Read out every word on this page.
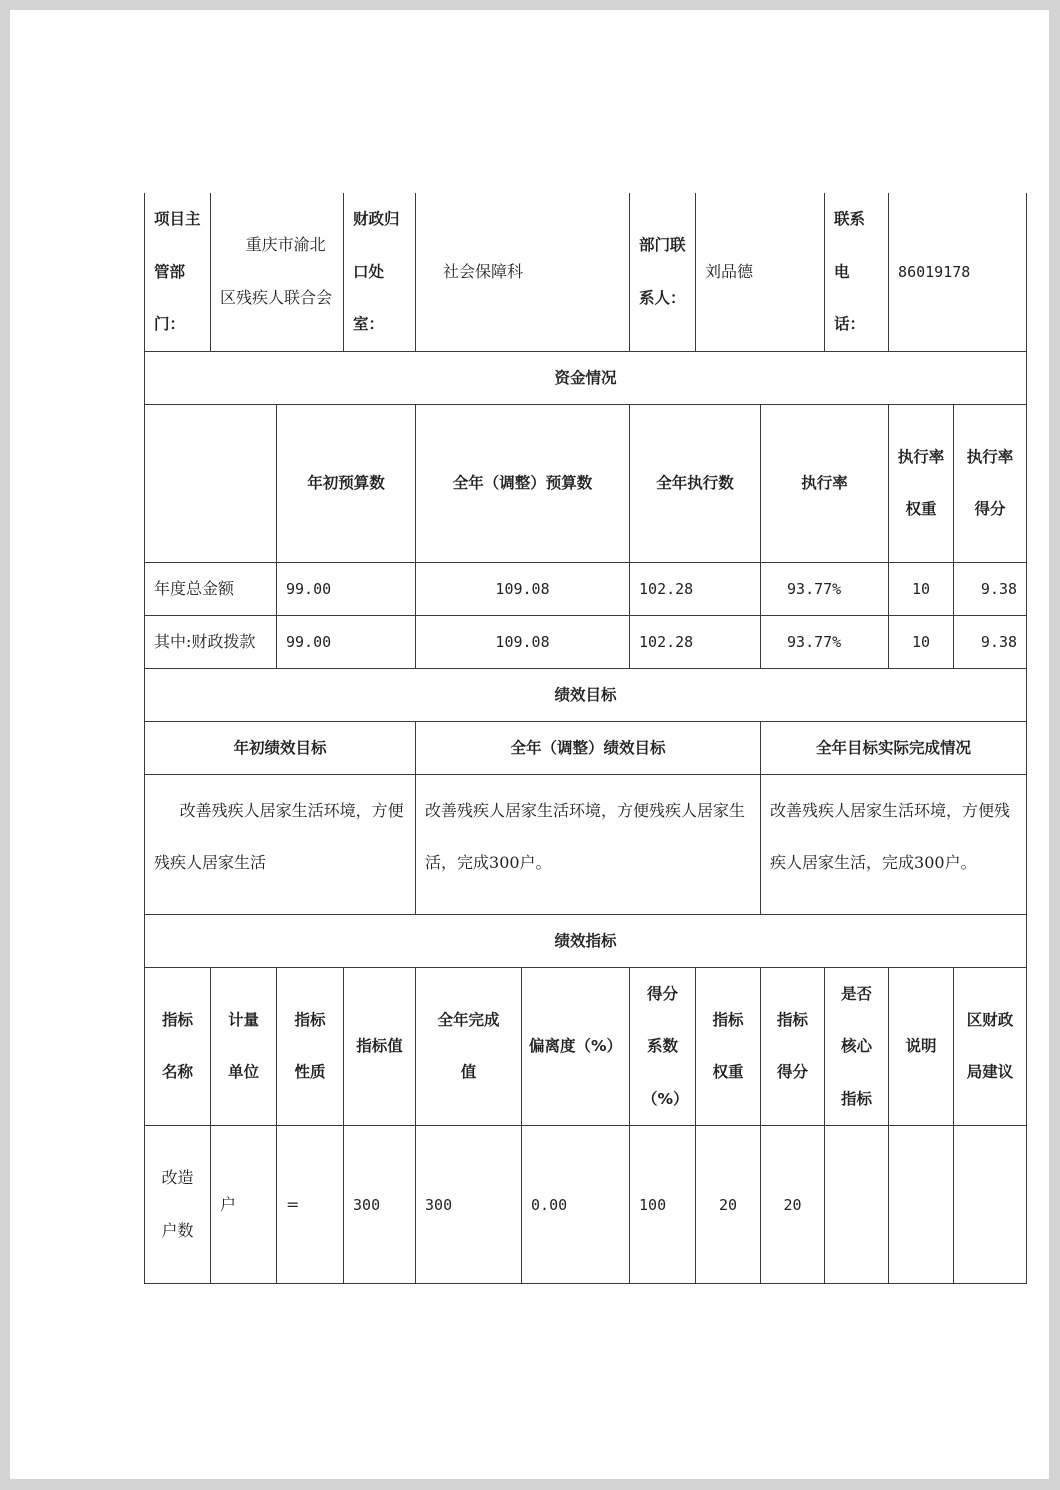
项目主管部门：	重庆市渝北区残疾人联合会		财政归口处室：	社会保障科		部门联系人：	刘品德		联系电话：	86019178	
资金情况											
		年初预算数		全年（调整）预算数		全年执行数		执行率		执行率权重	执行率得分
年度总金额		99.00		109.08		102.28		93.77%		10	9.38
其中:财政拨款		99.00		109.08		102.28		93.77%		10	9.38
绩效目标											
年初绩效目标				全年（调整）绩效目标				全年目标实际完成情况			

改善残疾人居家生活环境，方便残疾人居家生活				改善残疾人居家生活环境，方便残疾人居家生活，完成300户。				改善残疾人居家生活环境，方便残疾人居家生活，完成300户。			

绩效指标											
指标名称	计量单位	指标性质	指标值	全年完成值	偏离度（%）	得分系数（%）	指标权重	指标得分	是否核心指标	说明	区财政局建议
改造户数	户	=	300	300	0.00	100	20	20			
